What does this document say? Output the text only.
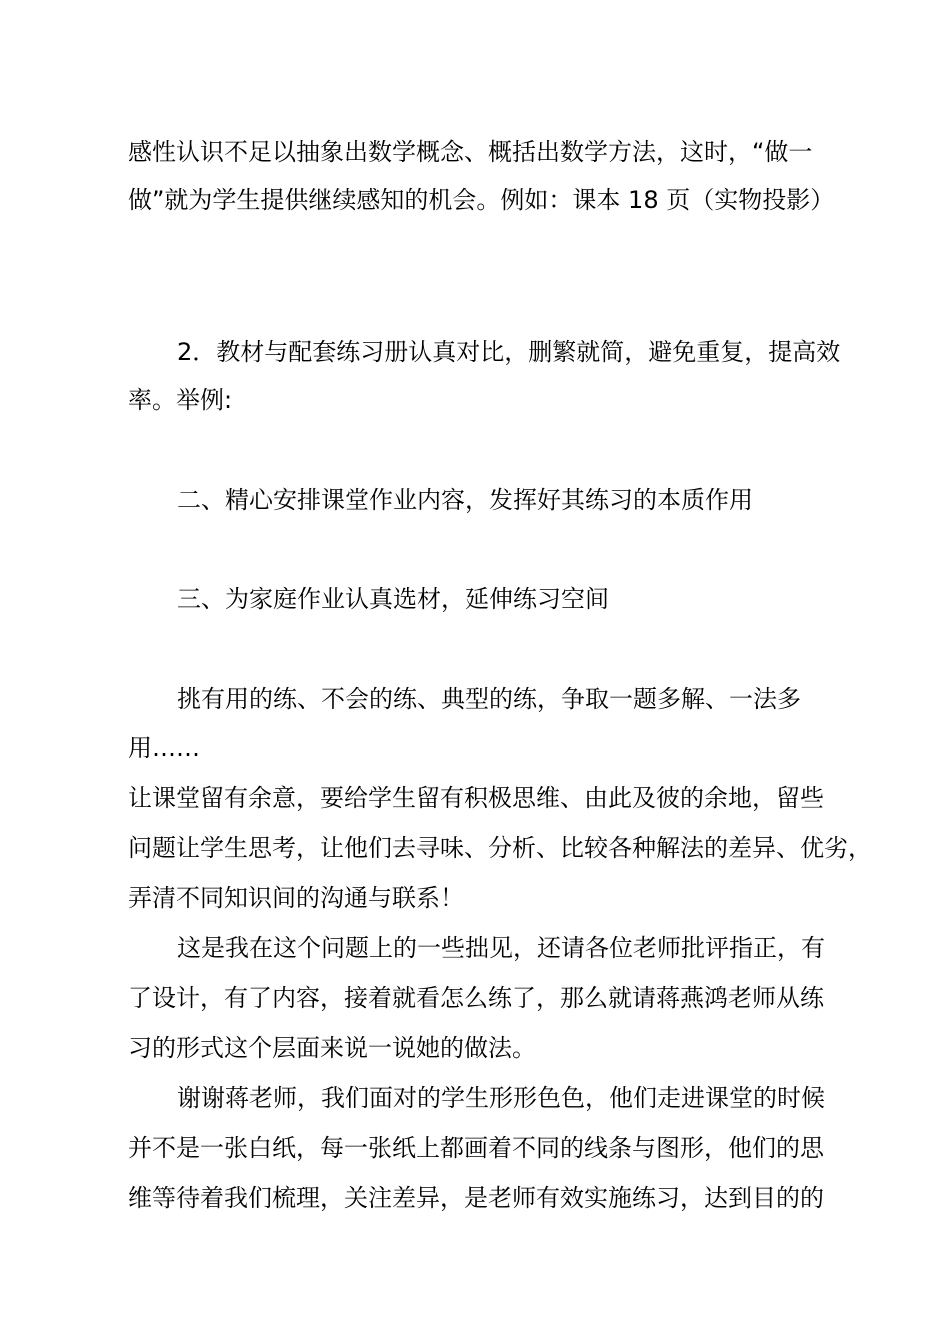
感性认识不足以抽象出数学概念、概括出数学方法，这时，“做一
做”就为学生提供继续感知的机会。例如：课本 18 页（实物投影）
2．教材与配套练习册认真对比，删繁就简，避免重复，提高效
率。举例:
二、精心安排课堂作业内容，发挥好其练习的本质作用
三、为家庭作业认真选材，延伸练习空间
挑有用的练、不会的练、典型的练，争取一题多解、一法多
用……
让课堂留有余意，要给学生留有积极思维、由此及彼的余地，留些
问题让学生思考，让他们去寻味、分析、比较各种解法的差异、优劣，
弄清不同知识间的沟通与联系！
这是我在这个问题上的一些拙见，还请各位老师批评指正，有
了设计，有了内容，接着就看怎么练了，那么就请蒋燕鸿老师从练
习的形式这个层面来说一说她的做法。
谢谢蒋老师，我们面对的学生形形色色，他们走进课堂的时候
并不是一张白纸，每一张纸上都画着不同的线条与图形，他们的思
维等待着我们梳理，关注差异，是老师有效实施练习，达到目的的
